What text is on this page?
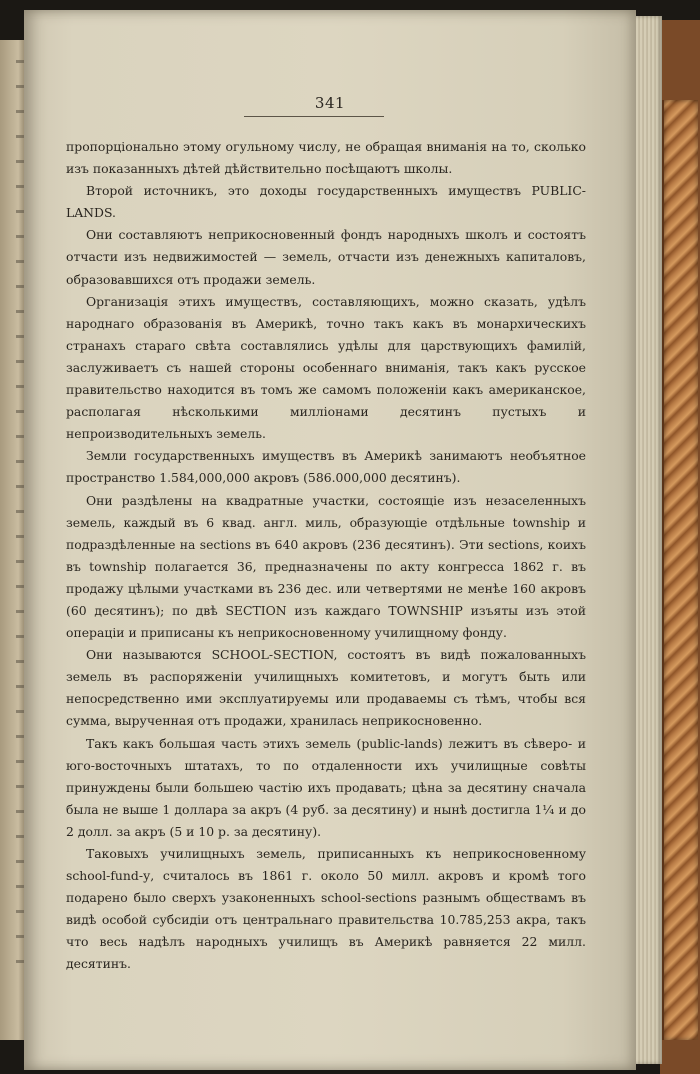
341

пропорціонально этому огульному числу, не обращая вниманія на то, сколько изъ показанныхъ дѣтей дѣйствительно посѣщаютъ школы.

Второй источникъ, это доходы государственныхъ имуществъ PUBLIC-LANDS.

Они составляютъ неприкосновенный фондъ народныхъ школъ и состоятъ отчасти изъ недвижимостей — земель, отчасти изъ денежныхъ капиталовъ, образовавшихся отъ продажи земель.

Организація этихъ имуществъ, составляющихъ, можно сказать, удѣлъ народнаго образованія въ Америкѣ, точно такъ какъ въ монархическихъ странахъ стараго свѣта составлялись удѣлы для царствующихъ фамилій, заслуживаетъ съ нашей стороны особеннаго вниманія, такъ какъ русское правительство находится въ томъ же самомъ положеніи какъ американское, располагая нѣсколькими милліонами десятинъ пустыхъ и непроизводительныхъ земель.

Земли государственныхъ имуществъ въ Америкѣ занимаютъ необъятное пространство 1.584,000,000 акровъ (586.000,000 десятинъ).

Они раздѣлены на квадратные участки, состоящіе изъ незаселенныхъ земель, каждый въ 6 квад. англ. миль, образующіе отдѣльные township и подраздѣленные на sections въ 640 акровъ (236 десятинъ). Эти sections, коихъ въ township полагается 36, предназначены по акту конгресса 1862 г. въ продажу цѣлыми участками въ 236 дес. или четвертями не менѣе 160 акровъ (60 десятинъ); по двѣ SECTION изъ каждаго TOWNSHIP изъяты изъ этой операціи и приписаны къ неприкосновенному училищному фонду.

Они называются SCHOOL-SECTION, состоятъ въ видѣ пожалованныхъ земель въ распоряженіи училищныхъ комитетовъ, и могутъ быть или непосредственно ими эксплуатируемы или продаваемы съ тѣмъ, чтобы вся сумма, вырученная отъ продажи, хранилась неприкосновенно.

Такъ какъ большая часть этихъ земель (public-lands) лежитъ въ сѣверо- и юго-восточныхъ штатахъ, то по отдаленности ихъ училищные совѣты принуждены были большею частію ихъ продавать; цѣна за десятину сначала была не выше 1 доллара за акръ (4 руб. за десятину) и нынѣ достигла 1¼ и до 2 долл. за акръ (5 и 10 р. за десятину).

Таковыхъ училищныхъ земель, приписанныхъ къ неприкосновенному school-fund-у, считалось въ 1861 г. около 50 милл. акровъ и кромѣ того подарено было сверхъ узаконенныхъ school-sections разнымъ обществамъ въ видѣ особой субсидіи отъ центральнаго правительства 10.785,253 акра, такъ что весь надѣлъ народныхъ училищъ въ Америкѣ равняется 22 милл. десятинъ.
